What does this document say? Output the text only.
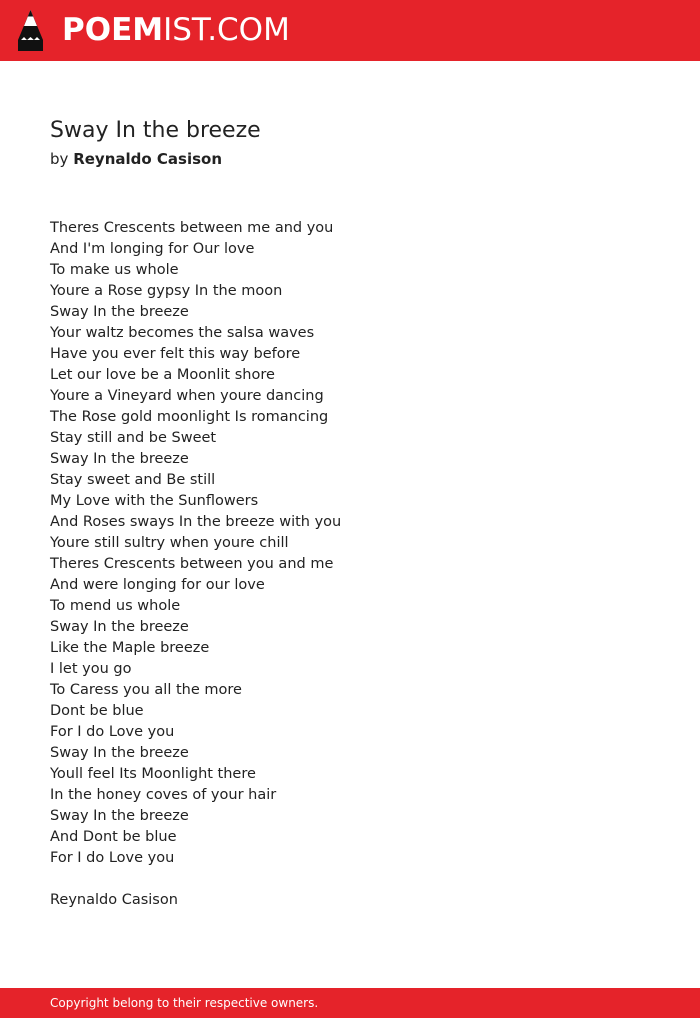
POEMIST.COM
Sway In the breeze
by Reynaldo Casison
Theres Crescents between me and you
And I'm longing for Our love
To make us whole
Youre a Rose gypsy In the moon
Sway In the breeze
Your waltz becomes the salsa waves
Have you ever felt this way before
Let our love be a Moonlit shore
Youre a Vineyard when youre dancing
The Rose gold moonlight Is romancing
Stay still and be Sweet
Sway In the breeze
Stay sweet and Be still
My Love with the Sunflowers
And Roses sways In the breeze with you
Youre still sultry when youre chill
Theres Crescents between you and me
And were longing for our love
To mend us whole
Sway In the breeze
Like the Maple breeze
I let you go
To Caress you all the more
Dont be blue
For I do Love you
Sway In the breeze
Youll feel Its Moonlight there
In the honey coves of your hair
Sway In the breeze
And Dont be blue
For I do Love you
Reynaldo Casison
Copyright belong to their respective owners.
